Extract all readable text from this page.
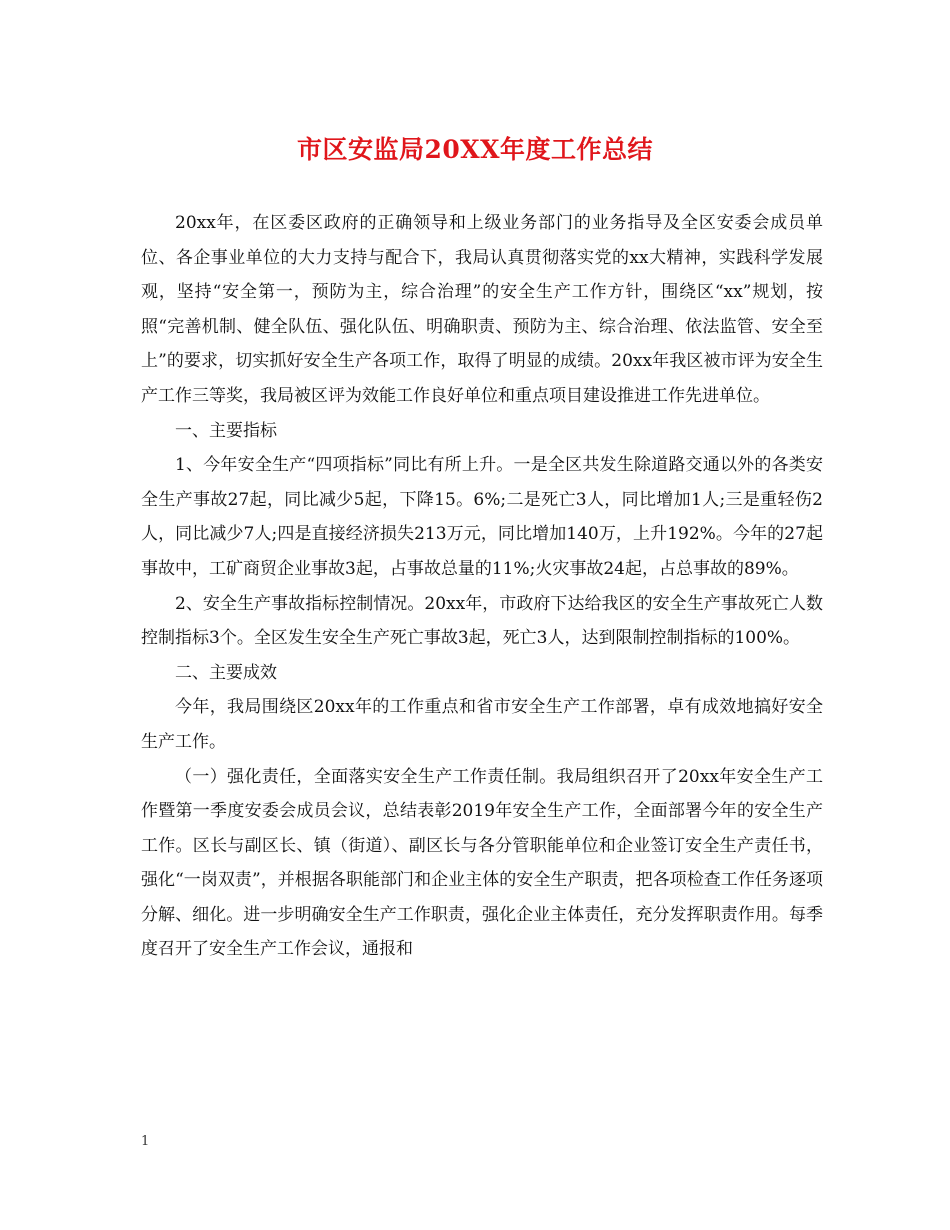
市区安监局20XX年度工作总结

20xx年，在区委区政府的正确领导和上级业务部门的业务指导及全区安委会成员单位、各企事业单位的大力支持与配合下，我局认真贯彻落实党的xx大精神，实践科学发展观，坚持“安全第一，预防为主，综合治理”的安全生产工作方针，围绕区“xx”规划，按照“完善机制、健全队伍、强化队伍、明确职责、预防为主、综合治理、依法监管、安全至上”的要求，切实抓好安全生产各项工作，取得了明显的成绩。20xx年我区被市评为安全生产工作三等奖，我局被区评为效能工作良好单位和重点项目建设推进工作先进单位。

一、主要指标

1、今年安全生产“四项指标”同比有所上升。一是全区共发生除道路交通以外的各类安全生产事故27起，同比减少5起，下降15。6%;二是死亡3人，同比增加1人;三是重轻伤2人，同比减少7人;四是直接经济损失213万元，同比增加140万，上升192%。今年的27起事故中，工矿商贸企业事故3起，占事故总量的11%;火灾事故24起，占总事故的89%。

2、安全生产事故指标控制情况。20xx年，市政府下达给我区的安全生产事故死亡人数控制指标3个。全区发生安全生产死亡事故3起，死亡3人，达到限制控制指标的100%。

二、主要成效

今年，我局围绕区20xx年的工作重点和省市安全生产工作部署，卓有成效地搞好安全生产工作。

（一）强化责任，全面落实安全生产工作责任制。我局组织召开了20xx年安全生产工作暨第一季度安委会成员会议，总结表彰2019年安全生产工作，全面部署今年的安全生产工作。区长与副区长、镇（街道）、副区长与各分管职能单位和企业签订安全生产责任书，强化“一岗双责”，并根据各职能部门和企业主体的安全生产职责，把各项检查工作任务逐项分解、细化。进一步明确安全生产工作职责，强化企业主体责任，充分发挥职责作用。每季度召开了安全生产工作会议，通报和

1
